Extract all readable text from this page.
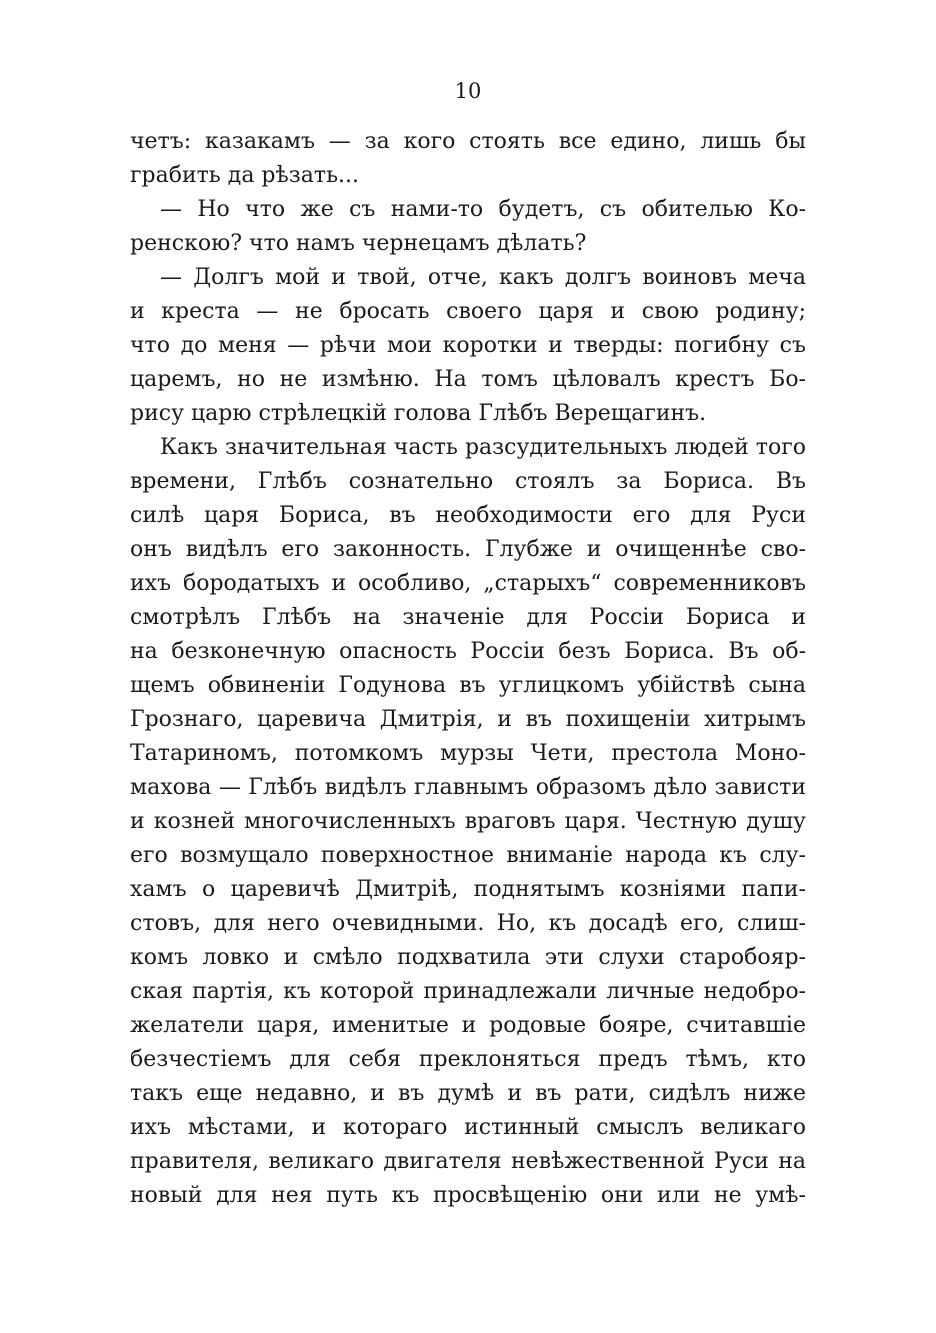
10
четъ: казакамъ — за кого стоять все едино, лишь бы
грабить да рѣзать...
— Но что же съ нами-то будетъ, съ обителью Ко-
ренскою? что намъ чернецамъ дѣлать?
— Долгъ мой и твой, отче, какъ долгъ воиновъ меча
и креста — не бросать своего царя и свою родину;
что до меня — рѣчи мои коротки и тверды: погибну съ
царемъ, но не измѣню. На томъ цѣловалъ крестъ Бо-
рису царю стрѣлецкій голова Глѣбъ Верещагинъ.
Какъ значительная часть разсудительныхъ людей того
времени, Глѣбъ сознательно стоялъ за Бориса. Въ
силѣ царя Бориса, въ необходимости его для Руси
онъ видѣлъ его законность. Глубже и очищеннѣе сво-
ихъ бородатыхъ и особливо, „старыхъ“ современниковъ
смотрѣлъ Глѣбъ на значеніе для Россіи Бориса и
на безконечную опасность Россіи безъ Бориса. Въ об-
щемъ обвиненіи Годунова въ углицкомъ убійствѣ сына
Грознаго, царевича Дмитрія, и въ похищеніи хитрымъ
Татариномъ, потомкомъ мурзы Чети, престола Моно-
махова — Глѣбъ видѣлъ главнымъ образомъ дѣло зависти
и козней многочисленныхъ враговъ царя. Честную душу
его возмущало поверхностное вниманіе народа къ слу-
хамъ о царевичѣ Дмитріѣ, поднятымъ козніями папи-
стовъ, для него очевидными. Но, къ досадѣ его, слиш-
комъ ловко и смѣло подхватила эти слухи старобояр-
ская партія, къ которой принадлежали личные недобро-
желатели царя, именитые и родовые бояре, считавшіе
безчестіемъ для себя преклоняться предъ тѣмъ, кто
такъ еще недавно, и въ думѣ и въ рати, сидѣлъ ниже
ихъ мѣстами, и котораго истинный смыслъ великаго
правителя, великаго двигателя невѣжественной Руси на
новый для нея путь къ просвѣщенію они или не умѣ-
